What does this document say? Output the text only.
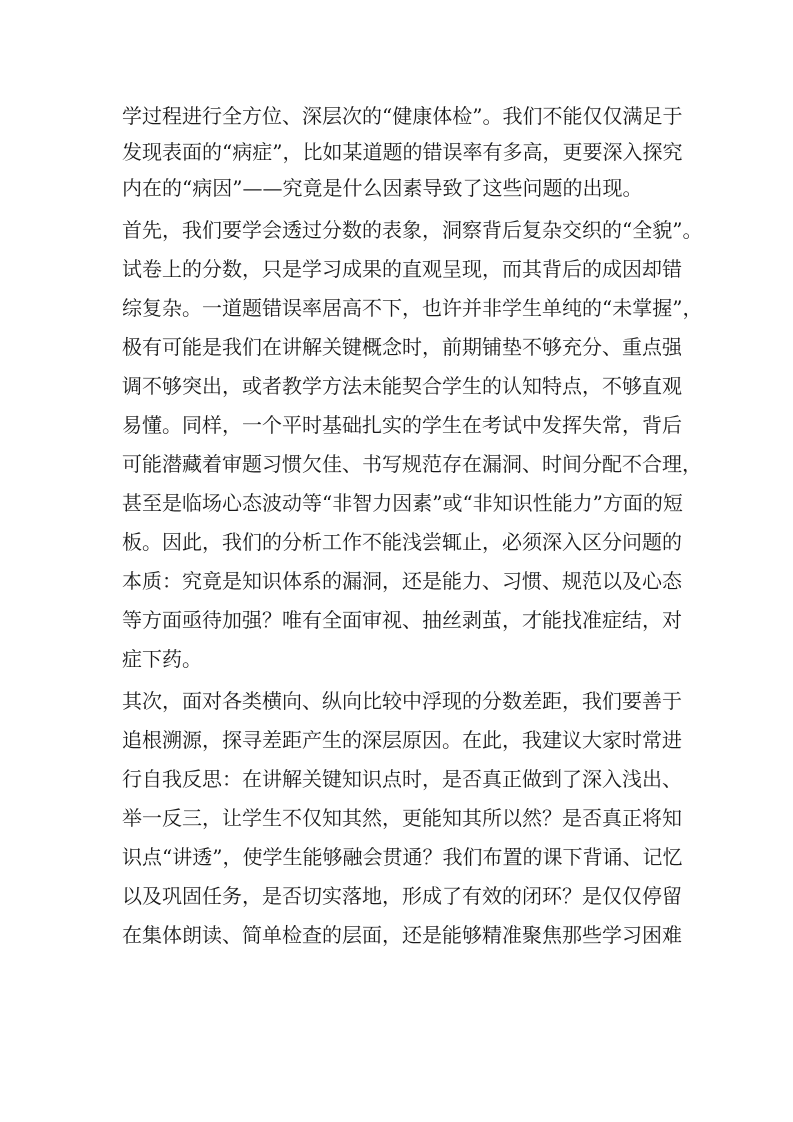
学过程进行全方位、深层次的“健康体检”。我们不能仅仅满足于
发现表面的“病症”，比如某道题的错误率有多高，更要深入探究
内在的“病因”——究竟是什么因素导致了这些问题的出现。
首先，我们要学会透过分数的表象，洞察背后复杂交织的“全貌”。
试卷上的分数，只是学习成果的直观呈现，而其背后的成因却错
综复杂。一道题错误率居高不下，也许并非学生单纯的“未掌握”，
极有可能是我们在讲解关键概念时，前期铺垫不够充分、重点强
调不够突出，或者教学方法未能契合学生的认知特点，不够直观
易懂。同样，一个平时基础扎实的学生在考试中发挥失常，背后
可能潜藏着审题习惯欠佳、书写规范存在漏洞、时间分配不合理，
甚至是临场心态波动等“非智力因素”或“非知识性能力”方面的短
板。因此，我们的分析工作不能浅尝辄止，必须深入区分问题的
本质：究竟是知识体系的漏洞，还是能力、习惯、规范以及心态
等方面亟待加强？唯有全面审视、抽丝剥茧，才能找准症结，对
症下药。
其次，面对各类横向、纵向比较中浮现的分数差距，我们要善于
追根溯源，探寻差距产生的深层原因。在此，我建议大家时常进
行自我反思：在讲解关键知识点时，是否真正做到了深入浅出、
举一反三，让学生不仅知其然，更能知其所以然？是否真正将知
识点“讲透”，使学生能够融会贯通？我们布置的课下背诵、记忆
以及巩固任务，是否切实落地，形成了有效的闭环？是仅仅停留
在集体朗读、简单检查的层面，还是能够精准聚焦那些学习困难
